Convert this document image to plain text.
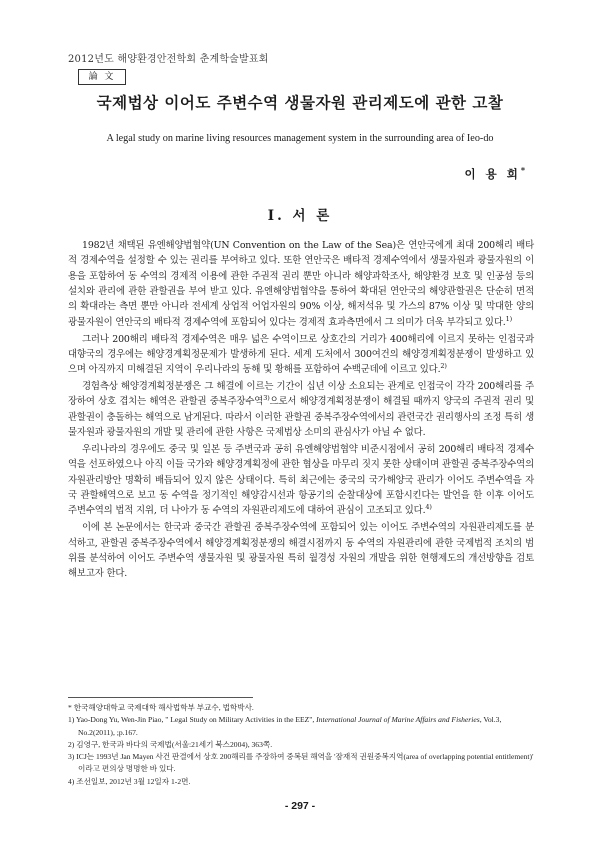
2012년도 해양환경안전학회 춘계학술발표회
論 文
국제법상 이어도 주변수역 생물자원 관리제도에 관한 고찰
A legal study on marine living resources management system in the surrounding area of Ieo-do
이 용 희*
Ⅰ. 서 론

1982년 채택된 유엔해양법협약(UN Convention on the Law of the Sea)은 연안국에게 최대 200해리 배타적 경제수역을 설정할 수 있는 권리를 부여하고 있다. 또한 연안국은 배타적 경제수역에서 생물자원과 광물자원의 이용을 포함하여 동 수역의 경제적 이용에 관한 주권적 권리 뿐만 아니라 해양과학조사, 해양환경 보호 및 인공섬 등의 설치와 관리에 관한 관할권을 부여 받고 있다. 유엔해양법협약을 통하여 확대된 연안국의 해양관할권은 단순히 면적의 확대라는 측면 뿐만 아니라 전세계 상업적 어업자원의 90% 이상, 해저석유 및 가스의 87% 이상 및 막대한 양의 광물자원이 연안국의 배타적 경제수역에 포함되어 있다는 경제적 효과측면에서 그 의미가 더욱 부각되고 있다.$^{1)}$

그러나 200해리 배타적 경제수역은 매우 넓은 수역이므로 상호간의 거리가 400해리에 이르지 못하는 인접국과 대향국의 경우에는 해양경계획정문제가 발생하게 된다. 세계 도처에서 300여건의 해양경계획정분쟁이 발생하고 있으며 아직까지 미해결된 지역이 우리나라의 동해 및 황해를 포함하여 수백군데에 이르고 있다.$^{2)}$

경험측상 해양경계획정분쟁은 그 해결에 이르는 기간이 십년 이상 소요되는 관계로 인접국이 각각 200해리를 주장하여 상호 겹치는 해역은 관할권 중복주장수역$^{3)}$으로서 해양경계획정분쟁이 해결될 때까지 양국의 주권적 권리 및 관할권이 충돌하는 해역으로 남게된다. 따라서 이러한 관할권 중복주장수역에서의 관련국간 권리행사의 조정 특히 생물자원과 광물자원의 개발 및 관리에 관한 사항은 국제법상 소미의 관심사가 아닐 수 없다.

우리나라의 경우에도 중국 및 일본 등 주변국과 공히 유엔해양법협약 비준시점에서 공히 200해리 배타적 경제수역을 선포하였으나 아직 이들 국가와 해양경계획정에 관한 협상을 마무리 짓지 못한 상태이며 관할권 중복주장수역의 자원관리방안 명확히 배듭되어 있지 않은 상태이다. 특히 최근에는 중국의 국가해양국 관리가 이어도 주변수역을 자국 관할해역으로 보고 동 수역을 정기적인 해양감시선과 항공기의 순찰대상에 포함시킨다는 발언을 한 이후 이어도 주변수역의 법적 지위, 더 나아가 동 수역의 자원관리제도에 대하여 관심이 고조되고 있다.$^{4)}$

이에 본 논문에서는 한국과 중국간 관할권 중복주장수역에 포함되어 있는 이어도 주변수역의 자원관리제도를 분석하고, 관할권 중복주장수역에서 해양경계획정분쟁의 해결시점까지 동 수역의 자원관리에 관한 국제법적 조치의 범위를 분석하여 이어도 주변수역 생물자원 및 광물자원 특히 월경성 자원의 개발을 위한 현행제도의 개선방향을 검토해보고자 한다.

* 한국해양대학교 국제대학 해사법학부 부교수, 법학박사.
1) Yao-Dong Yu, Wen-Jin Piao, " Legal Study on Military Activities in the EEZ", International Journal of Marine Affairs and Fisheries, Vol.3, No.2(2011), ;p.167.
2) 김영구, 한국과 바다의 국제법(서울:21세기 북스2004), 363쪽.
3) ICJ는 1993년 Jan Mayen 사건 판결에서 상호 200해리를 주장하여 중복된 해역을 '잠재적 권원중복지역(area of overlapping potential entitlement)' 이라고 편의상 명명한 바 있다.
4) 조선일보, 2012년 3월 12일자 1-2면.
- 297 -
